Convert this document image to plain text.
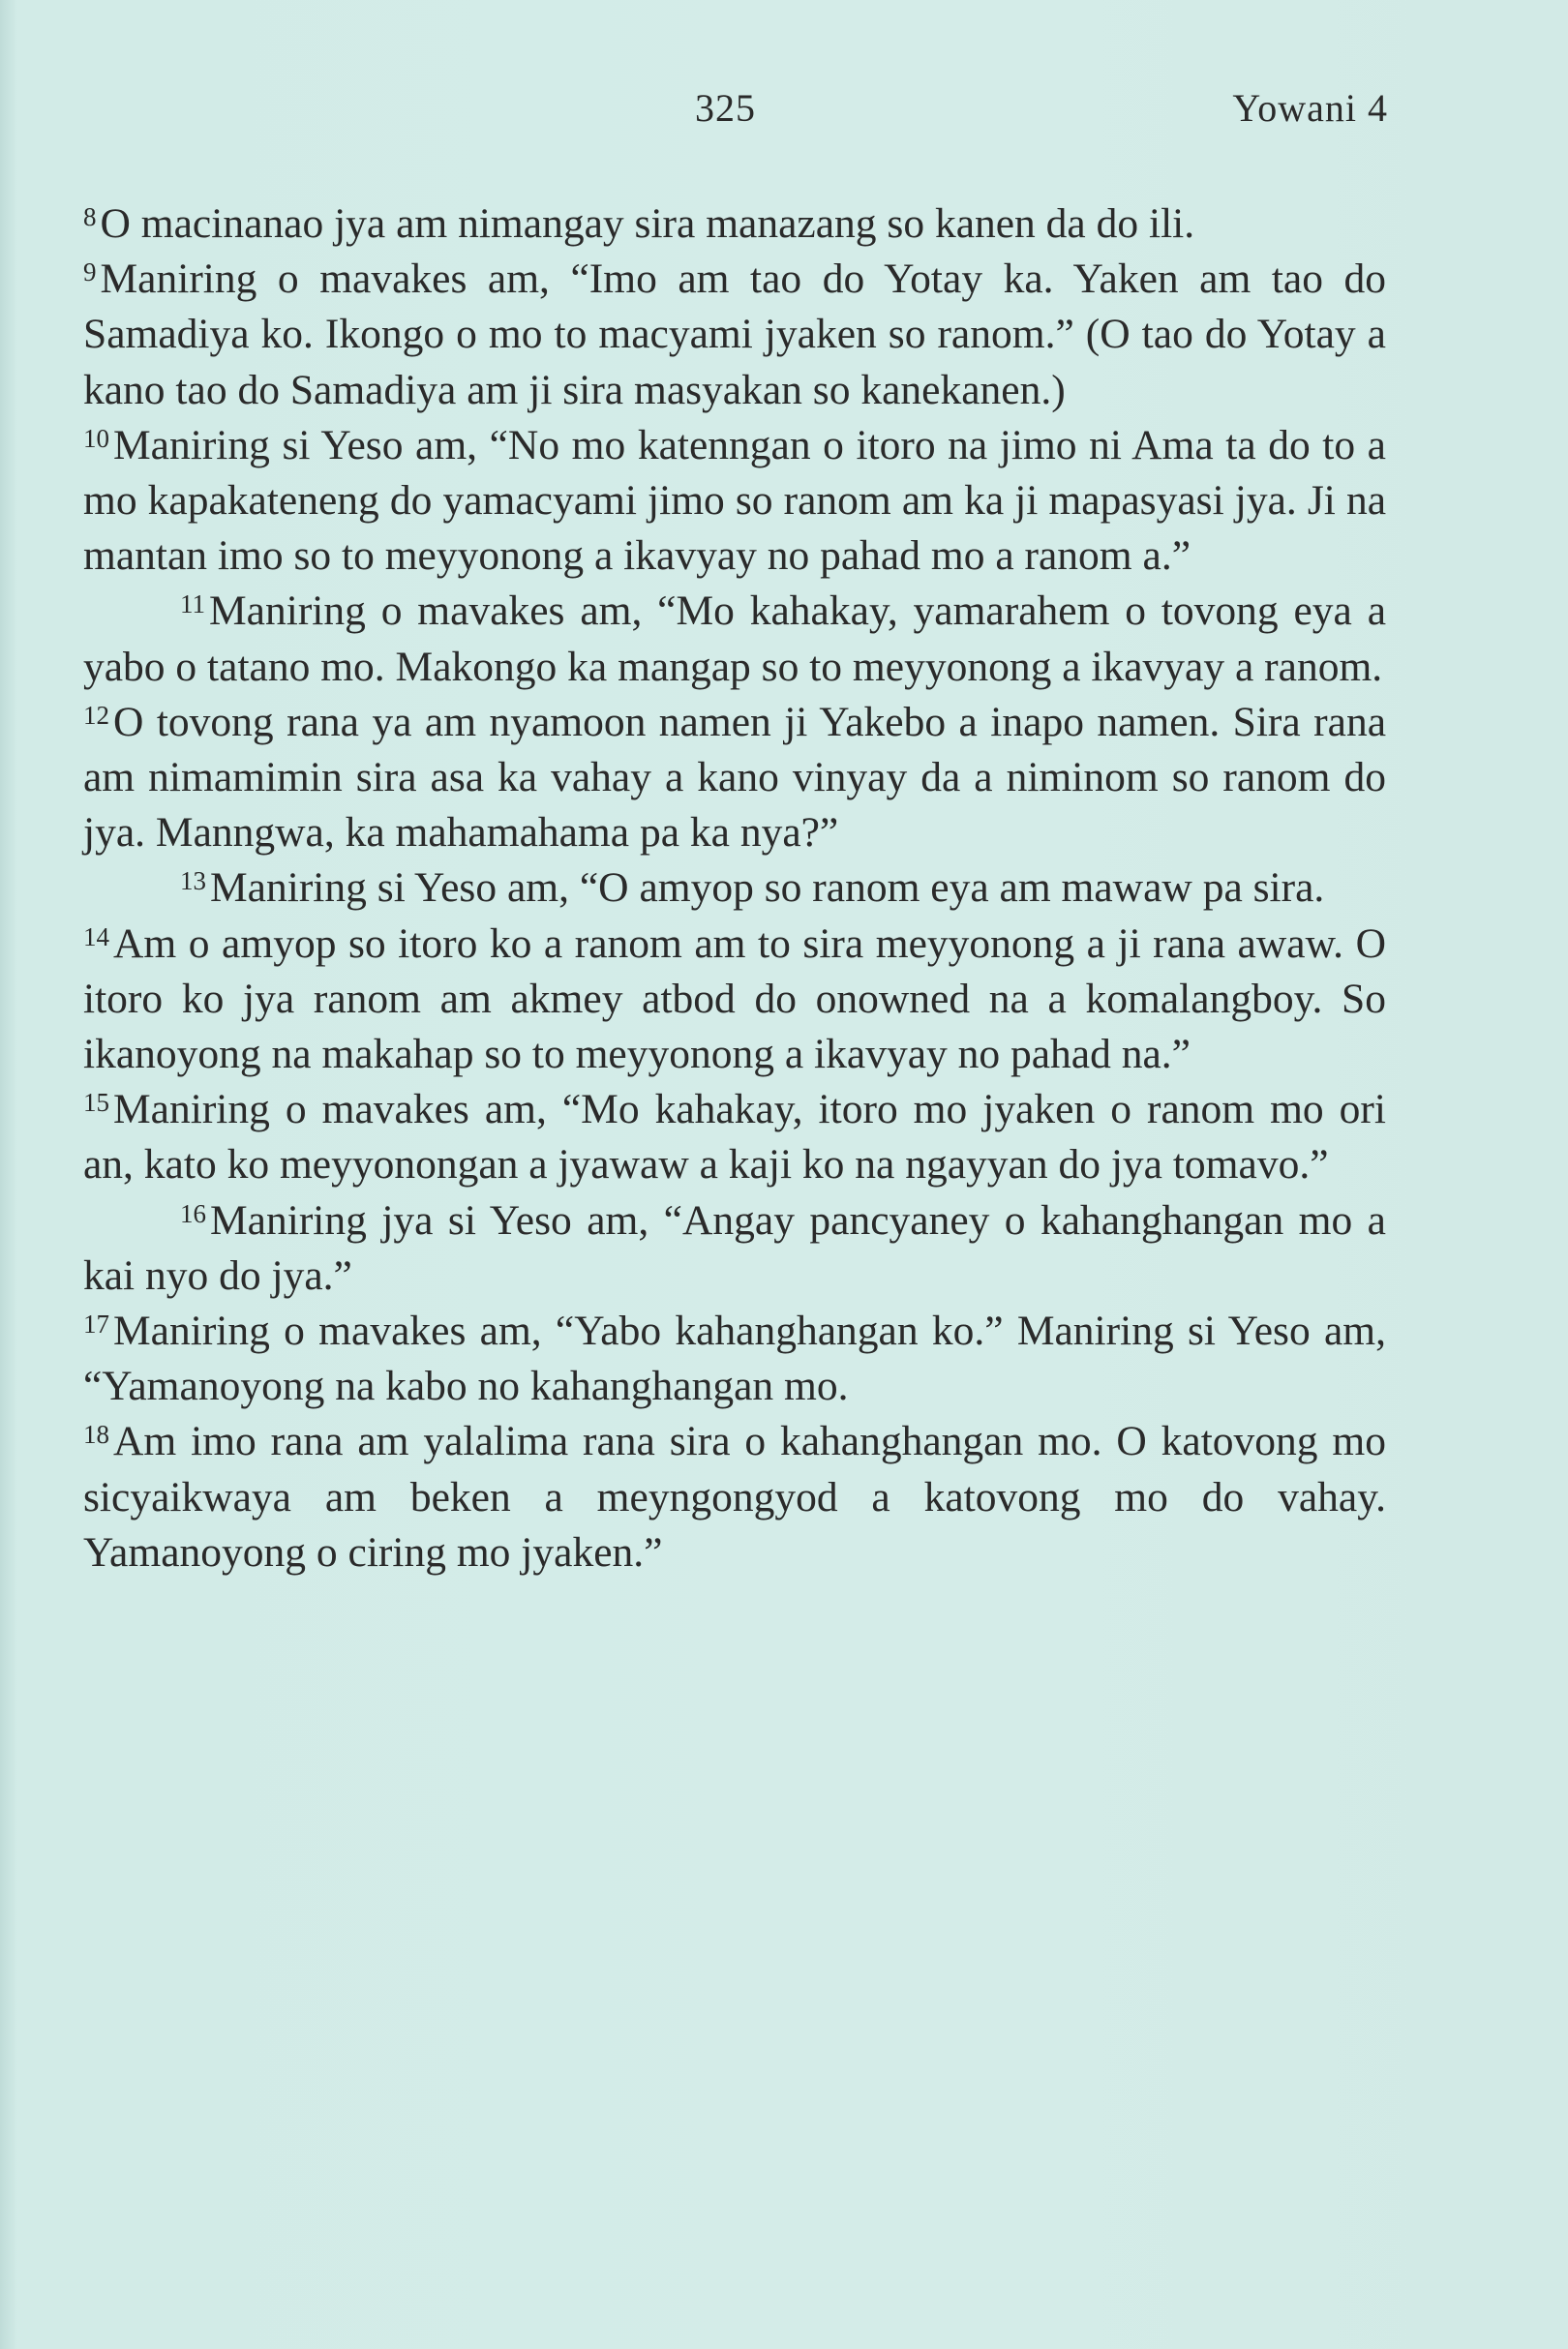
325	Yowani 4

$^8$O macinanao jya am nimangay sira manazang so kanen da do ili.

$^9$Maniring o mavakes am, “Imo am tao do Yotay ka. Yaken am tao do Samadiya ko. Ikongo o mo to macyami jyaken so ranom.” (O tao do Yotay a kano tao do Samadiya am ji sira masyakan so kanekanen.)

$^{10}$Maniring si Yeso am, “No mo katenngan o itoro na jimo ni Ama ta do to a mo kapakateneng do yamacyami jimo so ranom am ka ji mapasyasi jya. Ji na mantan imo so to meyyonong a ikavyay no pahad mo a ranom a.”

$^{11}$Maniring o mavakes am, “Mo kahakay, yamarahem o tovong eya a yabo o tatano mo. Makongo ka mangap so to meyyonong a ikavyay a ranom.

$^{12}$O tovong rana ya am nyamoon namen ji Yakebo a inapo namen. Sira rana am nimamimin sira asa ka vahay a kano vinyay da a niminom so ranom do jya. Manngwa, ka mahamahama pa ka nya?”

$^{13}$Maniring si Yeso am, “O amyop so ranom eya am mawaw pa sira.

$^{14}$Am o amyop so itoro ko a ranom am to sira meyyonong a ji rana awaw. O itoro ko jya ranom am akmey atbod do onowned na a komalangboy. So ikanoyong na makahap so to meyyonong a ikavyay no pahad na.”

$^{15}$Maniring o mavakes am, “Mo kahakay, itoro mo jyaken o ranom mo ori an, kato ko meyyonongan a jyawaw a kaji ko na ngayyan do jya tomavo.”

$^{16}$Maniring jya si Yeso am, “Angay pancyaney o kahanghangan mo a kai nyo do jya.”

$^{17}$Maniring o mavakes am, “Yabo kahanghangan ko.” Maniring si Yeso am, “Yamanoyong na kabo no kahanghangan mo.

$^{18}$Am imo rana am yalalima rana sira o kahanghangan mo. O katovong mo sicyaikwaya am beken a meyngongyod a katovong mo do vahay. Yamanoyong o ciring mo jyaken.”
